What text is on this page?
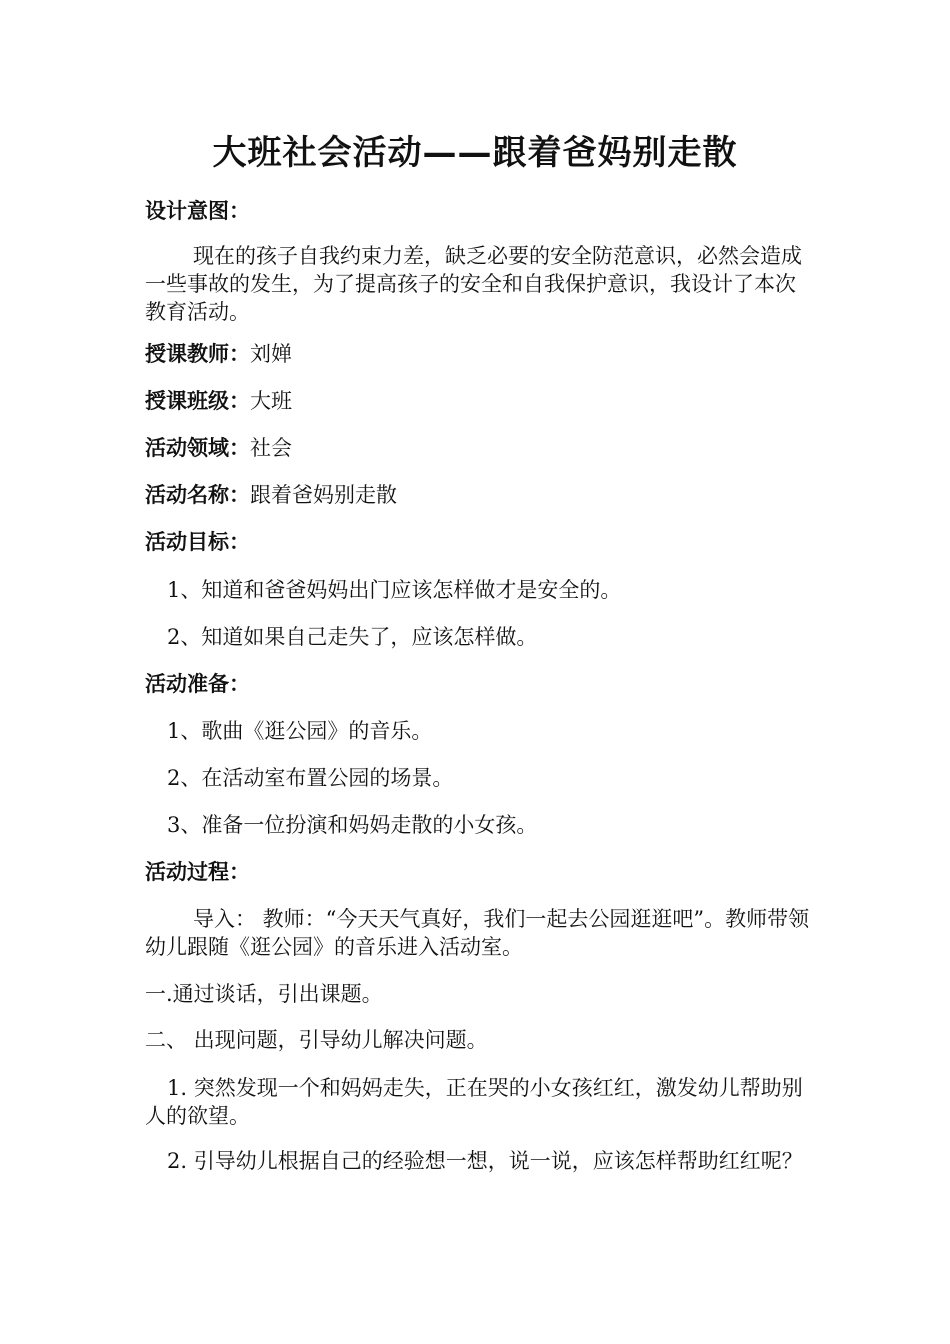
大班社会活动——跟着爸妈别走散
设计意图：
现在的孩子自我约束力差，缺乏必要的安全防范意识，必然会造成一些事故的发生，为了提高孩子的安全和自我保护意识，我设计了本次教育活动。
授课教师：刘婵
授课班级：大班
活动领域：社会
活动名称：跟着爸妈别走散
活动目标：
1、知道和爸爸妈妈出门应该怎样做才是安全的。
2、知道如果自己走失了，应该怎样做。
活动准备：
1、歌曲《逛公园》的音乐。
2、在活动室布置公园的场景。
3、准备一位扮演和妈妈走散的小女孩。
活动过程：
导入： 教师：“今天天气真好，我们一起去公园逛逛吧”。教师带领幼儿跟随《逛公园》的音乐进入活动室。
一.通过谈话，引出课题。
二、 出现问题，引导幼儿解决问题。
1. 突然发现一个和妈妈走失，正在哭的小女孩红红，激发幼儿帮助别人的欲望。
2. 引导幼儿根据自己的经验想一想，说一说，应该怎样帮助红红呢？
